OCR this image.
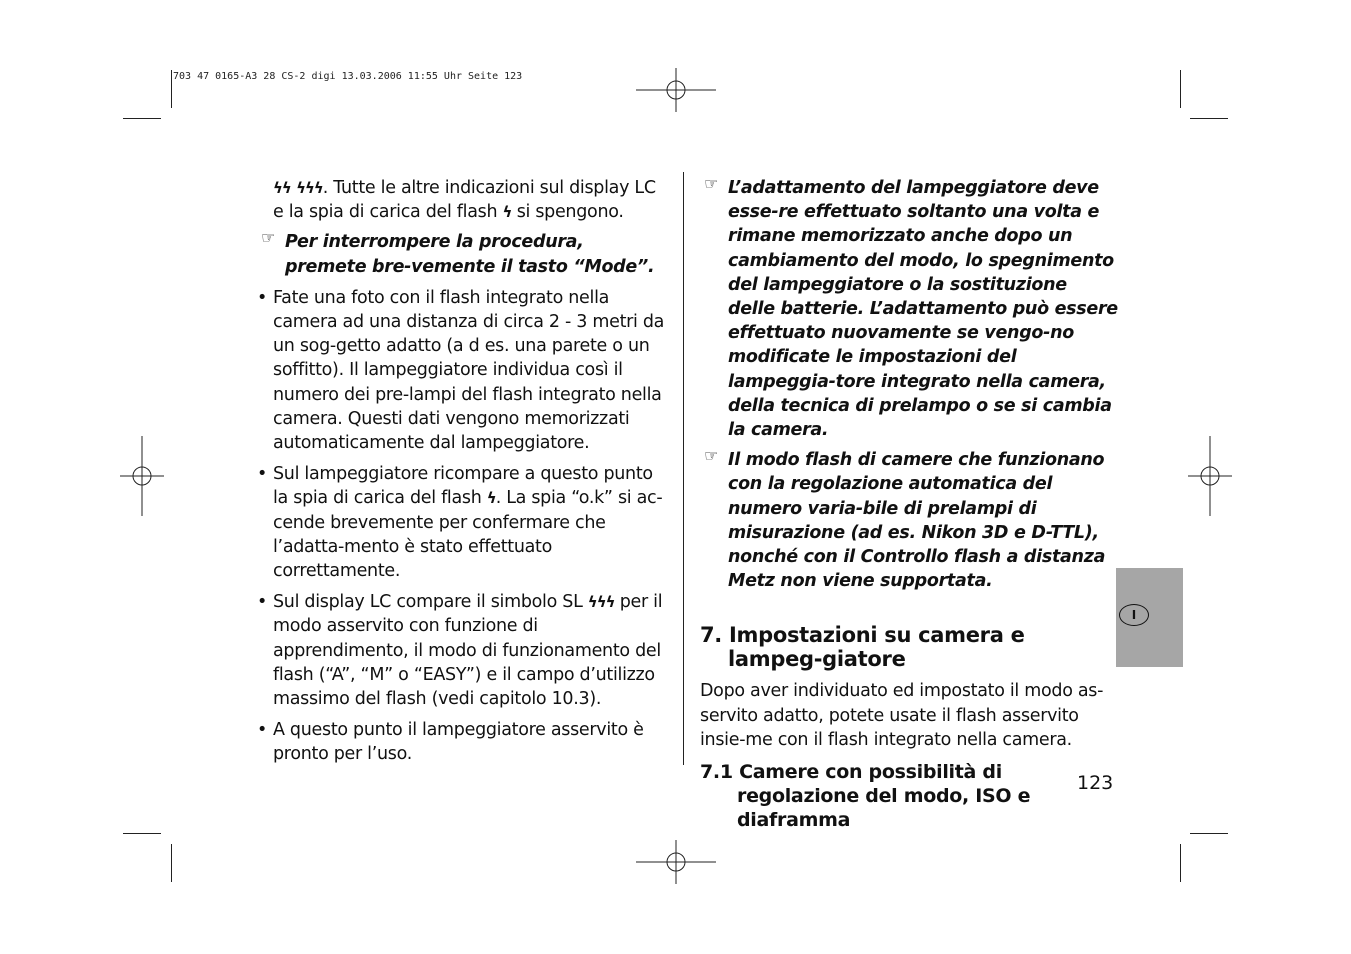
703 47 0165-A3 28 CS-2 digi 13.03.2006 11:55 Uhr Seite 123

ϟϟ ϟϟϟ. Tutte le altre indicazioni sul display LC
e la spia di carica del flash ϟ si spengono.

☞ Per interrompere la procedura, premete bre-vemente il tasto “Mode”.

• Fate una foto con il flash integrato nella camera ad una distanza di circa 2 - 3 metri da un sog-getto adatto (a d es. una parete o un soffitto). Il lampeggiatore individua così il numero dei pre-lampi del flash integrato nella camera. Questi dati vengono memorizzati automaticamente dal lampeggiatore.

• Sul lampeggiatore ricompare a questo punto la spia di carica del flash ϟ. La spia “o.k” si ac-cende brevemente per confermare che l’adatta-mento è stato effettuato correttamente.

• Sul display LC compare il simbolo SL ϟϟϟ per il modo asservito con funzione di apprendimento, il modo di funzionamento del flash (“A”, “M” o “EASY”) e il campo d’utilizzo massimo del flash (vedi capitolo 10.3).

• A questo punto il lampeggiatore asservito è pronto per l’uso.

☞ L’adattamento del lampeggiatore deve esse-re effettuato soltanto una volta e rimane memorizzato anche dopo un cambiamento del modo, lo spegnimento del lampeggiatore o la sostituzione delle batterie. L’adattamento può essere effettuato nuovamente se vengo-no modificate le impostazioni del lampeggia-tore integrato nella camera, della tecnica di prelampo o se si cambia la camera.

☞ Il modo flash di camere che funzionano con la regolazione automatica del numero varia-bile di prelampi di misurazione (ad es. Nikon 3D e D-TTL), nonché con il Controllo flash a distanza Metz non viene supportata.

7. Impostazioni su camera e lampeg-giatore

Dopo aver individuato ed impostato il modo as-servito adatto, potete usate il flash asservito insie-me con il flash integrato nella camera.

7.1 Camere con possibilità di regolazione del modo, ISO e diaframma

I
123
